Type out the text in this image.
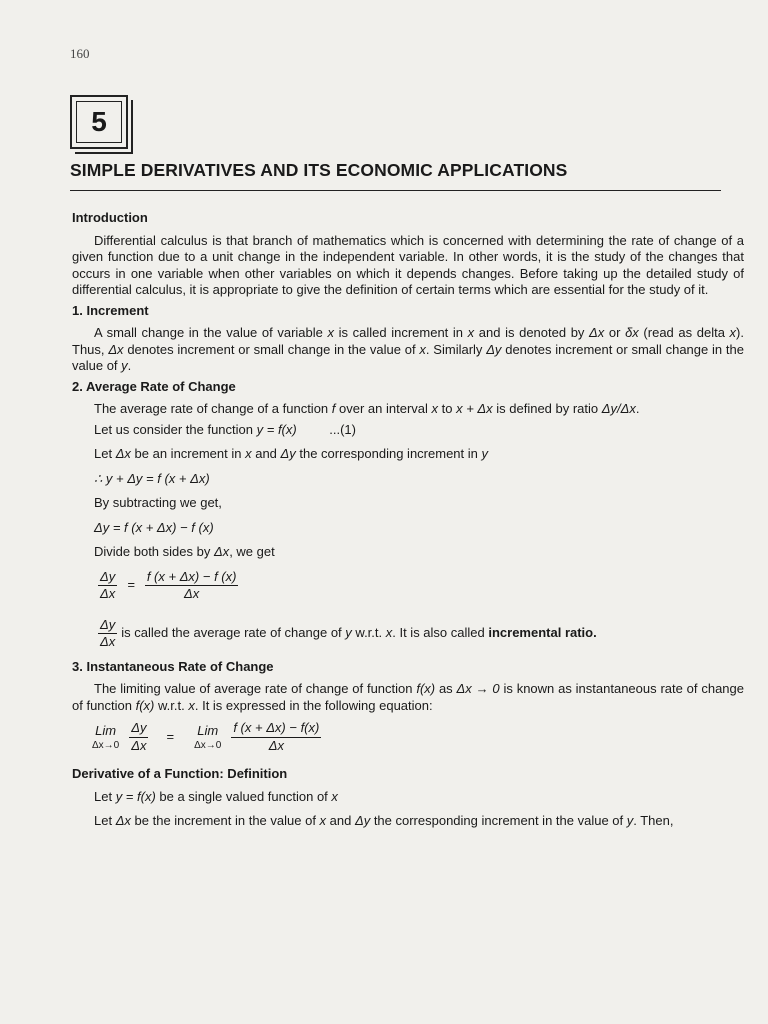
160
5
SIMPLE DERIVATIVES AND ITS ECONOMIC APPLICATIONS
Introduction

Differential calculus is that branch of mathematics which is concerned with determining the rate of change of a given function due to a unit change in the independent variable. In other words, it is the study of the changes that occurs in one variable when other variables on which it depends changes. Before taking up the detailed study of differential calculus, it is appropriate to give the definition of certain terms which are essential for the study of it.

1. Increment

A small change in the value of variable x is called increment in x and is denoted by Δx or δx (read as delta x). Thus, Δx denotes increment or small change in the value of x. Similarly Δy denotes increment or small change in the value of y.

2. Average Rate of Change

The average rate of change of a function f over an interval x to x + Δx is defined by ratio Δy/Δx.

Let us consider the function y = f(x)	...(1)
Let Δx be an increment in x and Δy the corresponding increment in y
∴ y + Δy = f (x + Δx)
By subtracting we get,
Δy = f (x + Δx) − f (x)
Divide both sides by Δx, we get
$\frac{\Delta y}{\Delta x} = \frac{f (x + \Delta x) - f (x)}{\Delta x}$
$\frac{\Delta y}{\Delta x}$ is called the average rate of change of y w.r.t. x. It is also called incremental ratio.
3. Instantaneous Rate of Change

The limiting value of average rate of change of function f(x) as Δx → 0 is known as instantaneous rate of change of function f(x) w.r.t. x. It is expressed in the following equation:

Lim
$\Delta x\to 0 \frac{\Delta y}{\Delta x}$ = Lim
$\Delta x\to 0 \frac{f (x + \Delta x) - f(x)}{\Delta x}$
Derivative of a Function: Definition
Let y = f(x) be a single valued function of x

Let Δx be the increment in the value of x and Δy the corresponding increment in the value of y. Then,
